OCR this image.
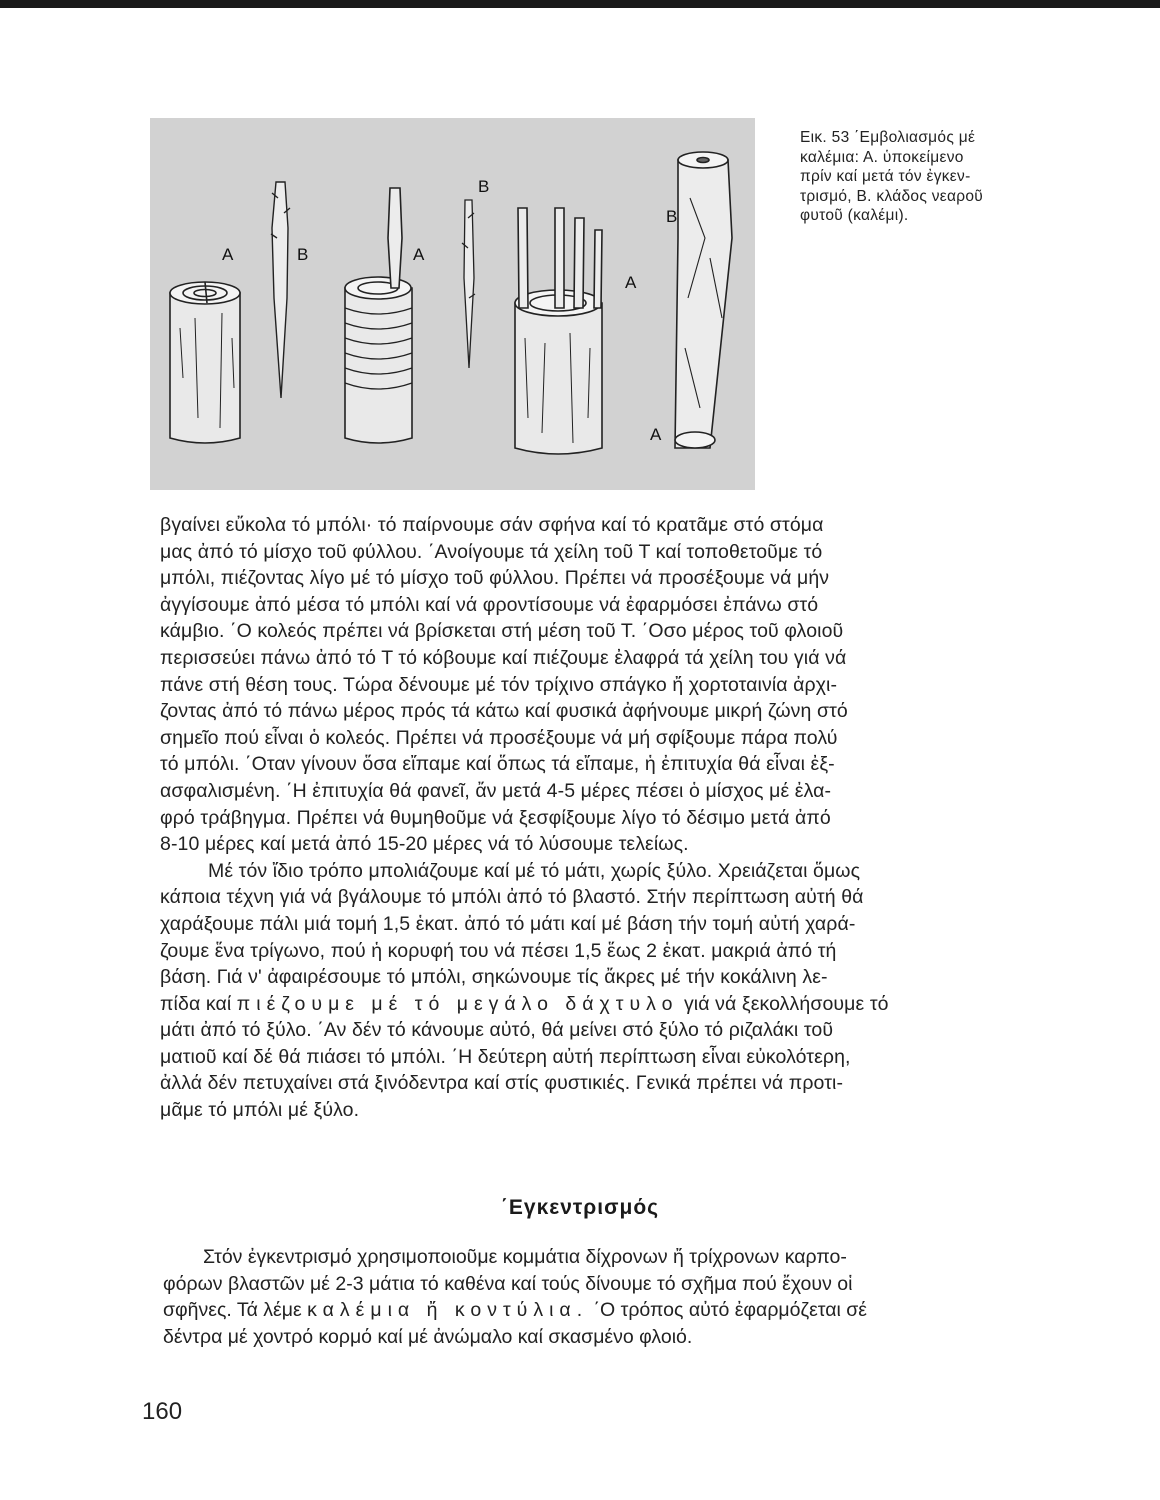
A	B	A
B
B
A
A
Εικ. 53 ΄Εμβολιασμός μέ
καλέμια: Α. ὑποκείμενο
πρίν καί μετά τόν ἐγκεν-
τρισμό, Β. κλάδος νεαροῦ
φυτοῦ (καλέμι).
βγαίνει εὔκολα τό μπόλι· τό παίρνουμε σάν σφήνα καί τό κρατᾶμε στό στόμα
μας ἀπό τό μίσχο τοῦ φύλλου. ΄Ανοίγουμε τά χείλη τοῦ Τ καί τοποθετοῦμε τό
μπόλι, πιέζοντας λίγο μέ τό μίσχο τοῦ φύλλου. Πρέπει νά προσέξουμε νά μήν
ἀγγίσουμε ἀπό μέσα τό μπόλι καί νά φροντίσουμε νά ἐφαρμόσει ἐπάνω στό
κάμβιο. ΄Ο κολεός πρέπει νά βρίσκεται στή μέση τοῦ Τ. ΄Οσο μέρος τοῦ φλοιοῦ
περισσεύει πάνω ἀπό τό Τ τό κόβουμε καί πιέζουμε ἐλαφρά τά χείλη του γιά νά
πάνε στή θέση τους. Τώρα δένουμε μέ τόν τρίχινο σπάγκο ἤ χορτοταινία ἀρχι-
ζοντας ἀπό τό πάνω μέρος πρός τά κάτω καί φυσικά ἀφήνουμε μικρή ζώνη στό
σημεῖο πού εἶναι ὁ κολεός. Πρέπει νά προσέξουμε νά μή σφίξουμε πάρα πολύ
τό μπόλι. ΄Οταν γίνουν ὅσα εἴπαμε καί ὅπως τά εἴπαμε, ἡ ἐπιτυχία θά εἶναι ἐξ-
ασφαλισμένη. ΄Η ἐπιτυχία θά φανεῖ, ἄν μετά 4-5 μέρες πέσει ὁ μίσχος μέ ἐλα-
φρό τράβηγμα. Πρέπει νά θυμηθοῦμε νά ξεσφίξουμε λίγο τό δέσιμο μετά ἀπό
8-10 μέρες καί μετά ἀπό 15-20 μέρες νά τό λύσουμε τελείως.
Μέ τόν ἴδιο τρόπο μπολιάζουμε καί μέ τό μάτι, χωρίς ξύλο. Χρειάζεται ὅμως
κάποια τέχνη γιά νά βγάλουμε τό μπόλι ἀπό τό βλαστό. Στήν περίπτωση αὐτή θά
χαράξουμε πάλι μιά τομή 1,5 ἑκατ. ἀπό τό μάτι καί μέ βάση τήν τομή αὐτή χαρά-
ζουμε ἕνα τρίγωνο, πού ἡ κορυφή του νά πέσει 1,5 ἕως 2 ἑκατ. μακριά ἀπό τή
βάση. Γιά ν' ἀφαιρέσουμε τό μπόλι, σηκώνουμε τίς ἄκρες μέ τήν κοκάλινη λε-
πίδα καί πιέζουμε μέ τό μεγάλο δάχτυλο γιά νά ξεκολλήσουμε τό
μάτι ἀπό τό ξύλο. ΄Αν δέν τό κάνουμε αὐτό, θά μείνει στό ξύλο τό ριζαλάκι τοῦ
ματιοῦ καί δέ θά πιάσει τό μπόλι. ΄Η δεύτερη αὐτή περίπτωση εἶναι εὐκολότερη,
ἀλλά δέν πετυχαίνει στά ξινόδεντρα καί στίς φυστικιές. Γενικά πρέπει νά προτι-
μᾶμε τό μπόλι μέ ξύλο.
΄Εγκεντρισμός
Στόν ἐγκεντρισμό χρησιμοποιοῦμε κομμάτια δίχρονων ἤ τρίχρονων καρπο-
φόρων βλαστῶν μέ 2-3 μάτια τό καθένα καί τούς δίνουμε τό σχῆμα πού ἔχουν οἱ
σφῆνες. Τά λέμε καλέμια ἤ κοντύλια. ΄Ο τρόπος αὐτό ἐφαρμόζεται σέ
δέντρα μέ χοντρό κορμό καί μέ ἀνώμαλο καί σκασμένο φλοιό.
160
